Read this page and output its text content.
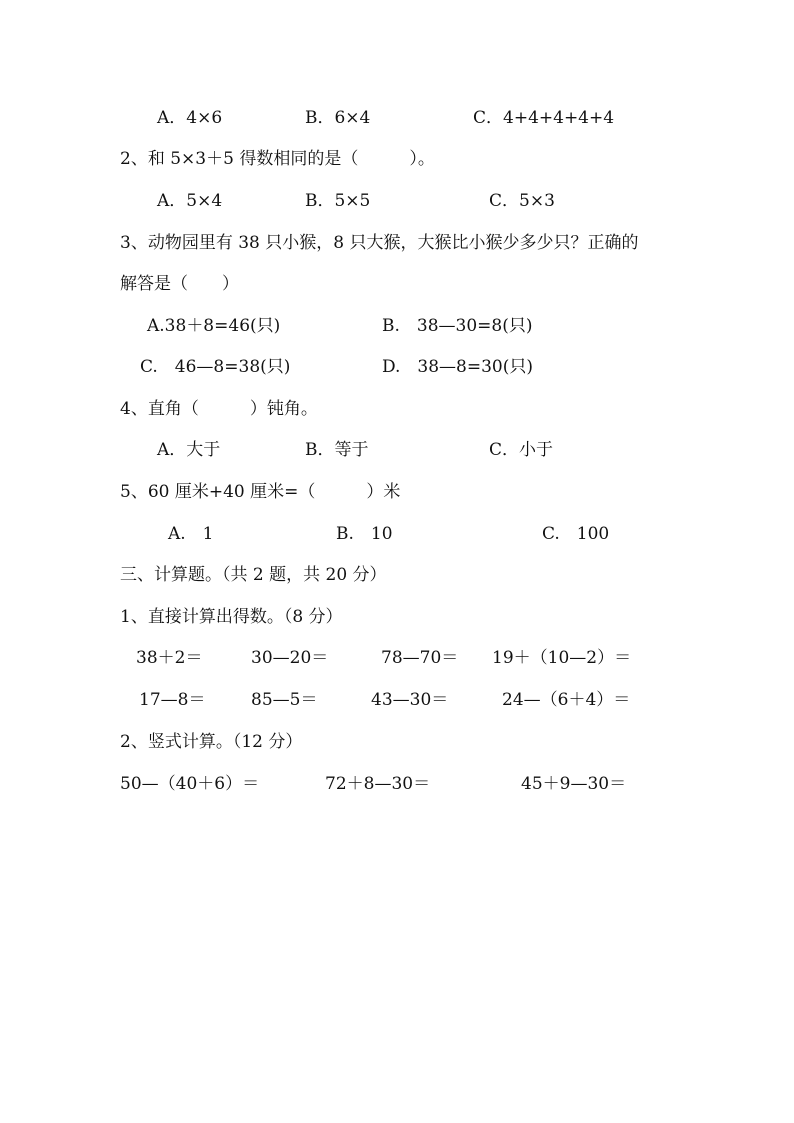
A．4×6	B．6×4	C．4+4+4+4+4
2、和 5×3＋5 得数相同的是（　　　）。
A．5×4	B．5×5	C．5×3
3、动物园里有 38 只小猴，8 只大猴，大猴比小猴少多少只？正确的
解答是（　　）
A.38＋8=46(只)	B.　38—30=8(只)
C.　46—8=38(只)	D.　38—8=30(只)
4、直角（　　　）钝角。
A．大于	B．等于	C．小于
5、60 厘米+40 厘米=（　　　）米
A.　1	B.　10	C.　100
三、计算题。（共 2 题，共 20 分）
1、直接计算出得数。（8 分）
38＋2＝	30—20＝	78—70＝ 19＋（10—2）＝
17—8＝	85—5＝	43—30＝	24—（6＋4）＝
2、竖式计算。（12 分）
50—（40＋6）＝	72＋8—30＝	45＋9—30＝
